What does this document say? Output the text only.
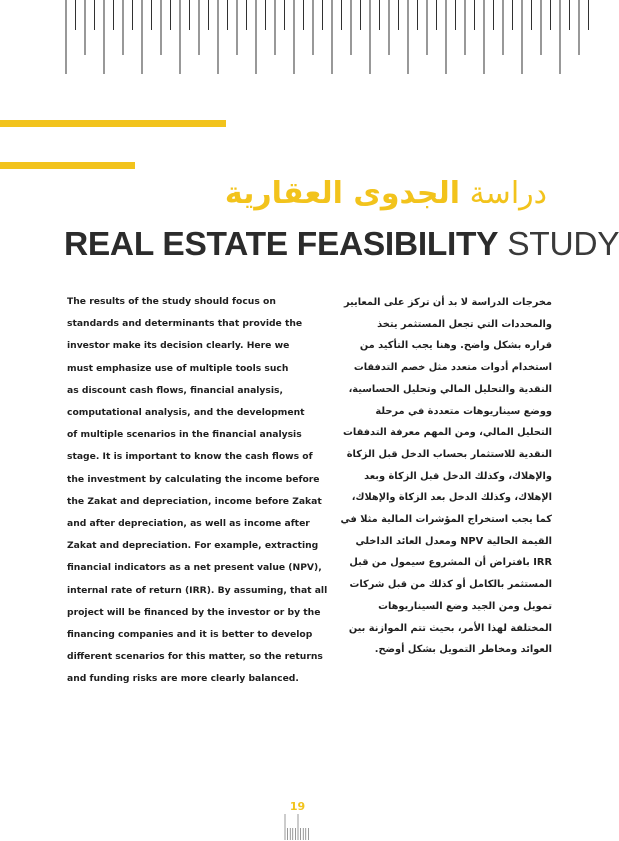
دراسة الجدوى العقارية
REAL ESTATE FEASIBILITY STUDY

The results of the study should focus on

standards and determinants that provide the

investor make its decision clearly. Here we

must emphasize use of multiple tools such

as discount cash flows, financial analysis,

computational analysis, and the development

of multiple scenarios in the financial analysis

stage. It is important to know the cash flows of

the investment by calculating the income before

the Zakat and depreciation, income before Zakat

and after depreciation, as well as income after

Zakat and depreciation. For example, extracting

financial indicators as a net present value (NPV),

internal rate of return (IRR). By assuming, that all

project will be financed by the investor or by the

financing companies and it is better to develop

different scenarios for this matter, so the returns

and funding risks are more clearly balanced.

مخرجات الدراسة لا بد أن تركز على المعايير

والمحددات التي تجعل المستثمر يتخذ

قراره بشكل واضح. وهنا يجب التأكيد من

استخدام أدوات متعدد مثل خصم التدفقات

النقدية والتحليل المالي وتحليل الحساسية،

ووضع سيناريوهات متعددة في مرحلة

التحليل المالي، ومن المهم معرفة التدفقات

النقدية للاستثمار بحساب الدخل قبل الزكاة

والإهلاك، وكذلك الدخل قبل الزكاة وبعد

الإهلاك، وكذلك الدخل بعد الزكاة والإهلاك،

كما يجب استخراج المؤشرات المالية مثلا في

القيمة الحالية NPV ومعدل العائد الداخلي

IRR بافتراض أن المشروع سيمول من قبل

المستثمر بالكامل أو كذلك من قبل شركات

تمويل ومن الجيد وضع السيناريوهات

المختلفة لهذا الأمر، بحيث تتم الموازنة بين

العوائد ومخاطر التمويل بشكل أوضح.

19
